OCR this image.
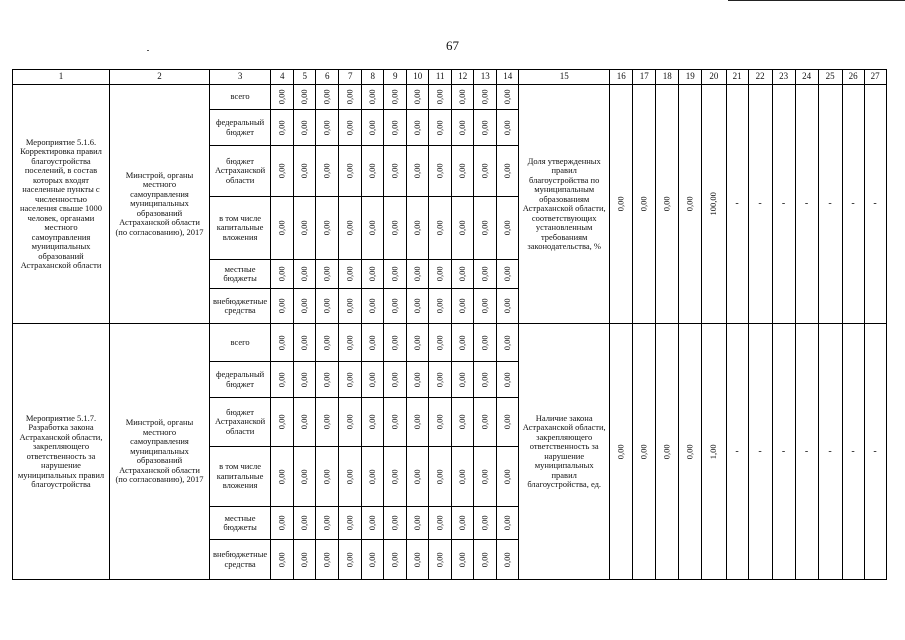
67
1	2	3	4	5	6	7	8	9	10	11	12	13	14	15	16	17	18	19	20	21	22	23	24	25	26	27
Мероприятие 5.1.6. Корректировка правил благоустройства поселений, в состав которых входят населенные пункты с численностью населения свыше 1000 человек, органами местного самоуправления муниципальных образований Астраханской области	Минстрой, органы местного самоуправления муниципальных образований Астраханской области (по согласованию), 2017	всего	0,00	0,00	0,00	0,00	0,00	0,00	0,00	0,00	0,00	0,00	0,00	Доля утвержденных правил благоустройства по муниципальным образованиям Астраханской области, соответствующих установленным требованиям законодательства, %	0,00	0,00	0,00	0,00	100,00	-	-	-	-	-	-	-
		федеральный бюджет	0,00	0,00	0,00	0,00	0,00	0,00	0,00	0,00	0,00	0,00	0,00													

		бюджет Астраханской области	0,00	0,00	0,00	0,00	0,00	0,00	0,00	0,00	0,00	0,00	0,00													

		в том числе капитальные вложения	0,00	0,00	0,00	0,00	0,00	0,00	0,00	0,00	0,00	0,00	0,00													

		местные бюджеты	0,00	0,00	0,00	0,00	0,00	0,00	0,00	0,00	0,00	0,00	0,00													

		внебюджетные средства	0,00	0,00	0,00	0,00	0,00	0,00	0,00	0,00	0,00	0,00	0,00													

Мероприятие 5.1.7. Разработка закона Астраханской области, закрепляющего ответственность за нарушение муниципальных правил благоустройства	Минстрой, органы местного самоуправления муниципальных образований Астраханской области (по согласованию), 2017	всего	0,00	0,00	0,00	0,00	0,00	0,00	0,00	0,00	0,00	0,00	0,00	Наличие закона Астраханской области, закрепляющего ответственность за нарушение муниципальных правил благоустройства, ед.	0,00	0,00	0,00	0,00	1,00	-	-	-	-	-	-	-
		федеральный бюджет	0,00	0,00	0,00	0,00	0,00	0,00	0,00	0,00	0,00	0,00	0,00													

		бюджет Астраханской области	0,00	0,00	0,00	0,00	0,00	0,00	0,00	0,00	0,00	0,00	0,00													

		в том числе капитальные вложения	0,00	0,00	0,00	0,00	0,00	0,00	0,00	0,00	0,00	0,00	0,00													

		местные бюджеты	0,00	0,00	0,00	0,00	0,00	0,00	0,00	0,00	0,00	0,00	0,00													

		внебюджетные средства	0,00	0,00	0,00	0,00	0,00	0,00	0,00	0,00	0,00	0,00	0,00													
